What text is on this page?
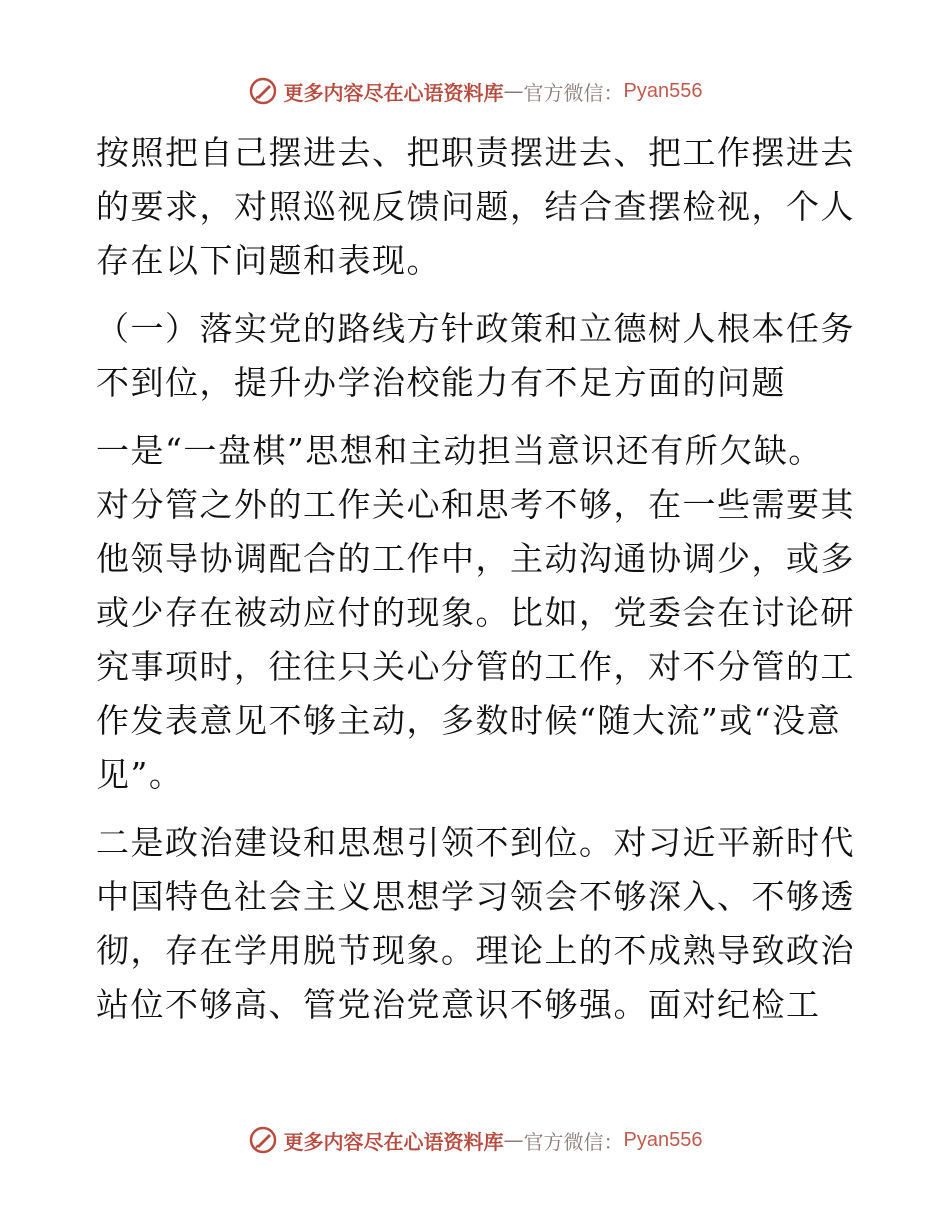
更多内容尽在心语资料库 — 官方微信： Pyan556

按照把自己摆进去、把职责摆进去、把工作摆进去的要求，对照巡视反馈问题，结合查摆检视，个人存在以下问题和表现。

（一）落实党的路线方针政策和立德树人根本任务不到位，提升办学治校能力有不足方面的问题

一是“一盘棋”思想和主动担当意识还有所欠缺。对分管之外的工作关心和思考不够，在一些需要其他领导协调配合的工作中，主动沟通协调少，或多或少存在被动应付的现象。比如，党委会在讨论研究事项时，往往只关心分管的工作，对不分管的工作发表意见不够主动，多数时候“随大流”或“没意见”。

二是政治建设和思想引领不到位。对习近平新时代中国特色社会主义思想学习领会不够深入、不够透彻，存在学用脱节现象。理论上的不成熟导致政治站位不够高、管党治党意识不够强。面对纪检工

更多内容尽在心语资料库 — 官方微信： Pyan556
